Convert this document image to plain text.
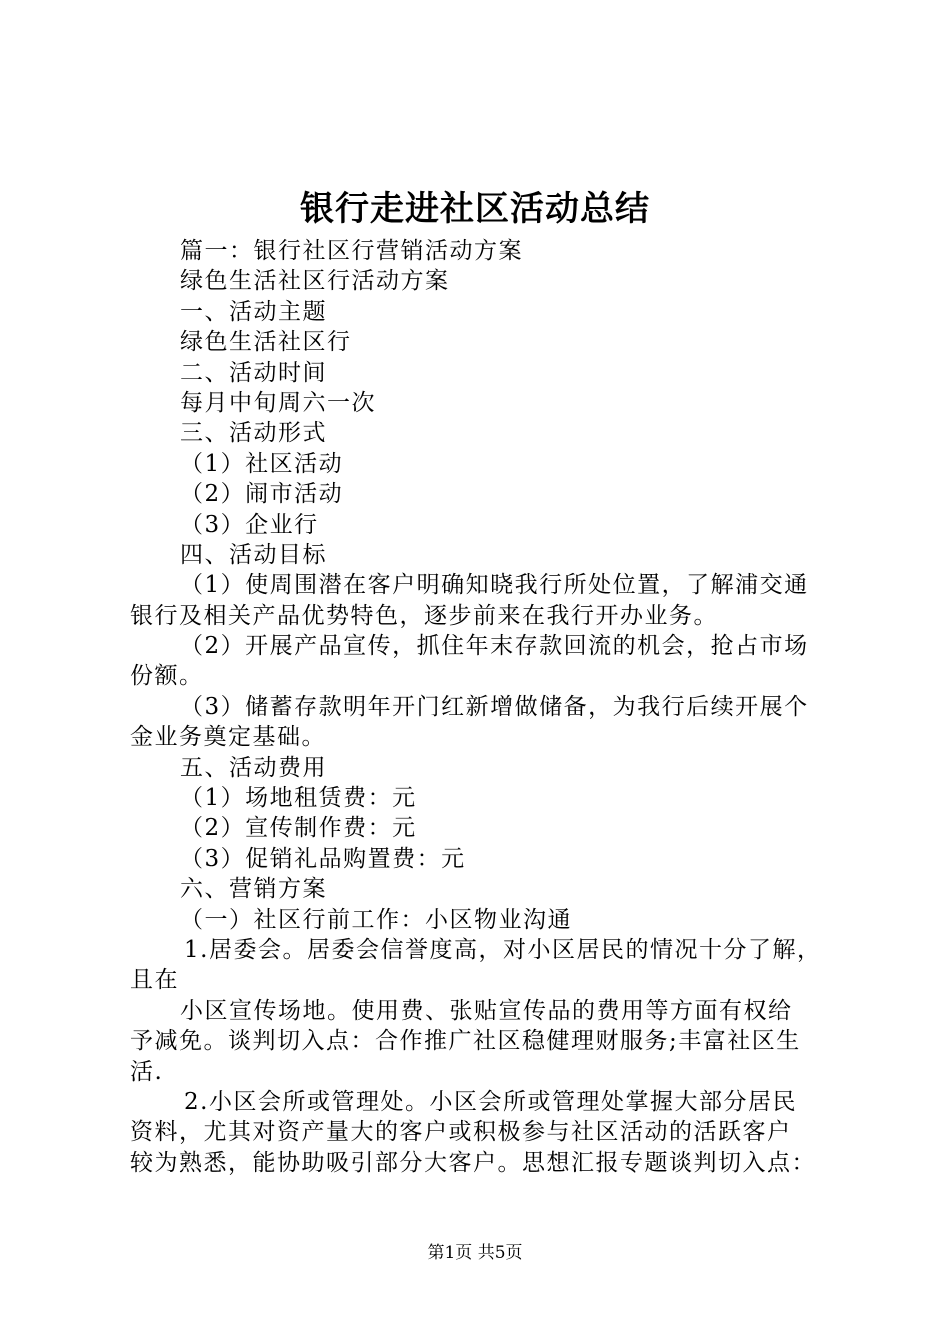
银行走进社区活动总结
篇一：银行社区行营销活动方案
绿色生活社区行活动方案
一、活动主题
绿色生活社区行
二、活动时间
每月中旬周六一次
三、活动形式
（1）社区活动
（2）闹市活动
（3）企业行
四、活动目标
（1）使周围潜在客户明确知晓我行所处位置，了解浦交通
银行及相关产品优势特色，逐步前来在我行开办业务。
（2）开展产品宣传，抓住年末存款回流的机会，抢占市场
份额。
（3）储蓄存款明年开门红新增做储备，为我行后续开展个
金业务奠定基础。
五、活动费用
（1）场地租赁费：元
（2）宣传制作费：元
（3）促销礼品购置费：元
六、营销方案
（一）社区行前工作：小区物业沟通
1.居委会。居委会信誉度高，对小区居民的情况十分了解，
且在
小区宣传场地。使用费、张贴宣传品的费用等方面有权给
予减免。谈判切入点：合作推广社区稳健理财服务;丰富社区生
活.
2.小区会所或管理处。小区会所或管理处掌握大部分居民
资料，尤其对资产量大的客户或积极参与社区活动的活跃客户
较为熟悉，能协助吸引部分大客户。思想汇报专题谈判切入点：
第1页 共5页
